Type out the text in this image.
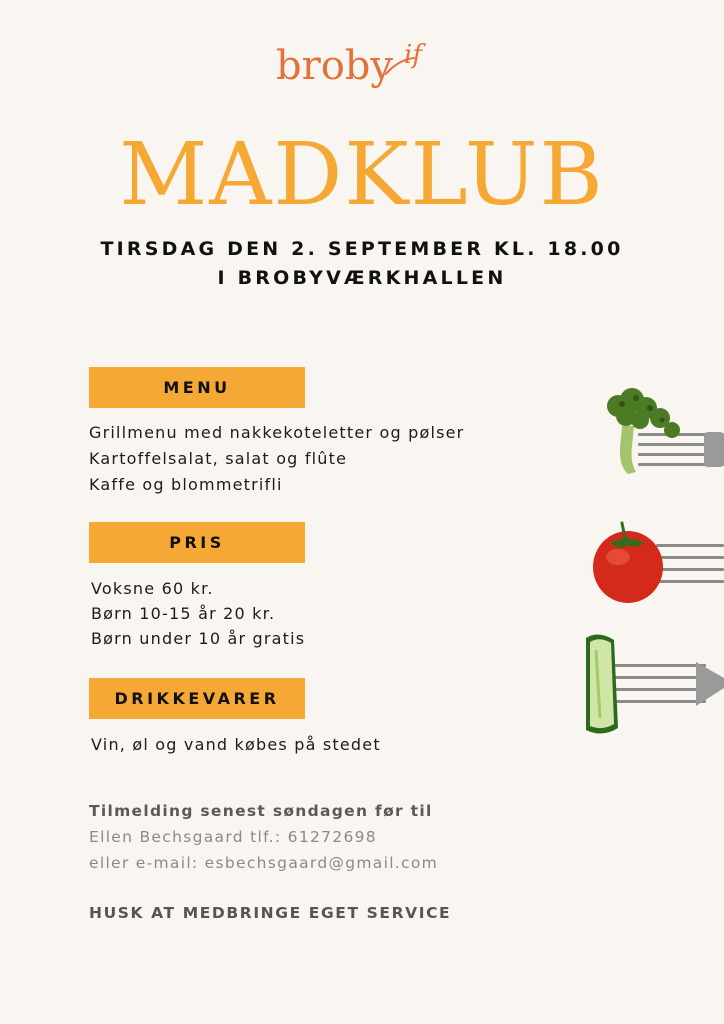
broby if
MADKLUB
TIRSDAG DEN 2. SEPTEMBER KL. 18.00
I BROBYVÆRKHALLEN
MENU
Grillmenu med nakkekoteletter og pølser
Kartoffelsalat, salat og flûte
Kaffe og blommetrifli
PRIS
Voksne 60 kr.
Børn 10-15 år 20 kr.
Børn under 10 år gratis
DRIKKEVARER
Vin, øl og vand købes på stedet
Tilmelding senest søndagen før til
Ellen Bechsgaard tlf.: 61272698
eller e-mail: esbechsgaard@gmail.com
HUSK AT MEDBRINGE EGET SERVICE
